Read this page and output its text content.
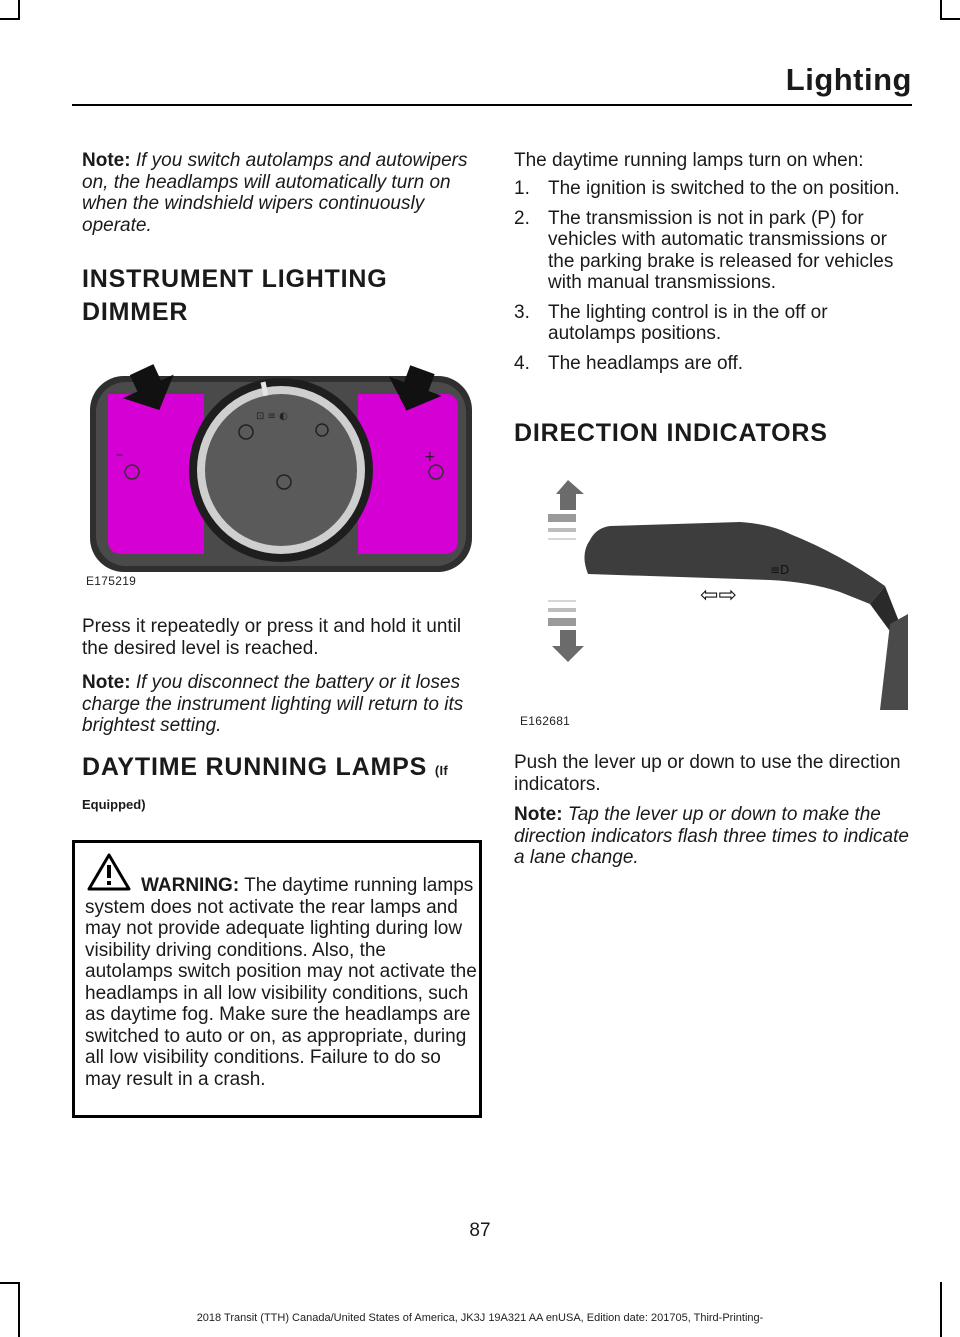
Lighting
Note: If you switch autolamps and autowipers on, the headlamps will automatically turn on when the windshield wipers continuously operate.
INSTRUMENT LIGHTING
DIMMER
–	+
⊡ ≡ ◐
E175219
Press it repeatedly or press it and hold it until the desired level is reached.
Note: If you disconnect the battery or it loses charge the instrument lighting will return to its brightest setting.
DAYTIME RUNNING LAMPS (If
Equipped)
WARNING: The daytime running lamps system does not activate the rear lamps and may not provide adequate lighting during low visibility driving conditions. Also, the autolamps switch position may not activate the headlamps in all low visibility conditions, such as daytime fog. Make sure the headlamps are switched to auto or on, as appropriate, during all low visibility conditions. Failure to do so may result in a crash.
The daytime running lamps turn on when:
1. The ignition is switched to the on position.
2. The transmission is not in park (P) for vehicles with automatic transmissions or the parking brake is released for vehicles with manual transmissions.
3. The lighting control is in the off or autolamps positions.
4. The headlamps are off.
DIRECTION INDICATORS
⇦⇨
≡D
E162681
Push the lever up or down to use the direction indicators.
Note: Tap the lever up or down to make the direction indicators flash three times to indicate a lane change.
87
2018 Transit (TTH) Canada/United States of America, JK3J 19A321 AA enUSA, Edition date: 201705, Third-Printing-
